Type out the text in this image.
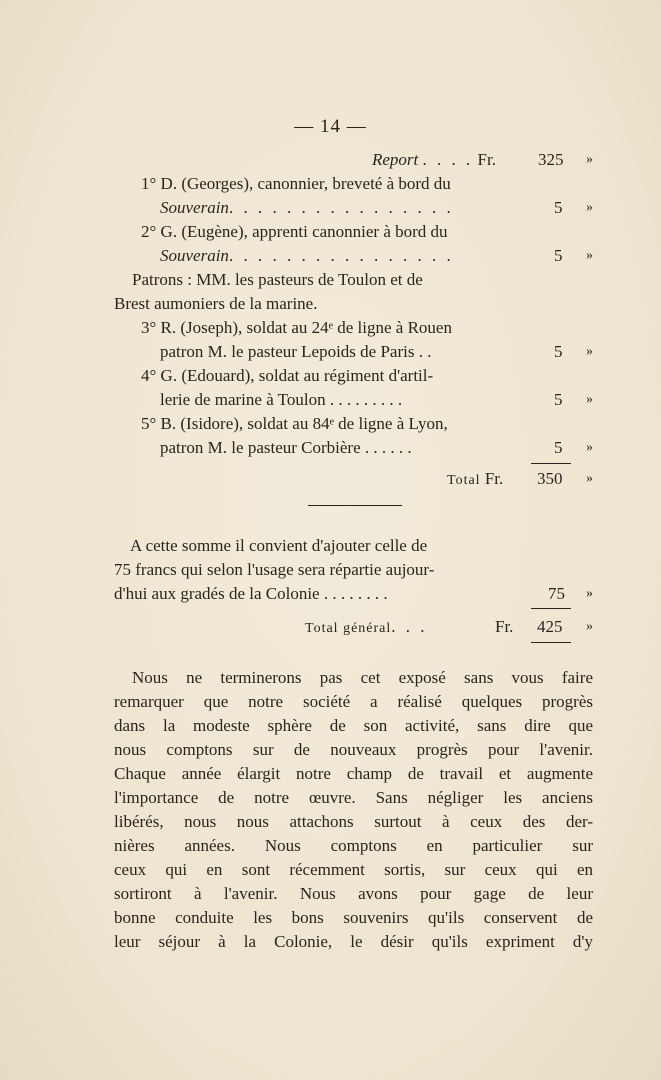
— 14 —
Report . . . . Fr. 325 »
1° D. (Georges), canonnier, breveté à bord du
Souverain. . . . . . . . . . . . . . . .	5 »
2° G. (Eugène), apprenti canonnier à bord du
Souverain. . . . . . . . . . . . . . . .	5 »
Patrons : MM. les pasteurs de Toulon et de
Brest aumoniers de la marine.
3° R. (Joseph), soldat au 24ᵉ de ligne à Rouen
patron M. le pasteur Lepoids de Paris . .	5 »
4° G. (Edouard), soldat au régiment d'artil-
lerie de marine à Toulon . . . . . . . . .	5 »
5° B. (Isidore), soldat au 84ᵉ de ligne à Lyon,
patron M. le pasteur Corbière . . . . . .	5 »
Total Fr. 350 »
A cette somme il convient d'ajouter celle de
75 francs qui selon l'usage sera répartie aujour-
d'hui aux gradés de la Colonie . . . . . . . .	75 »
Total général. . .	Fr. 425 »
Nous ne terminerons pas cet exposé sans vous faire
remarquer que notre société a réalisé quelques progrès
dans la modeste sphère de son activité, sans dire que
nous comptons sur de nouveaux progrès pour l'avenir.
Chaque année élargit notre champ de travail et augmente
l'importance de notre œuvre. Sans négliger les anciens
libérés, nous nous attachons surtout à ceux des der-
nières années. Nous comptons en particulier sur
ceux qui en sont récemment sortis, sur ceux qui en
sortiront à l'avenir. Nous avons pour gage de leur
bonne conduite les bons souvenirs qu'ils conservent de
leur séjour à la Colonie, le désir qu'ils expriment d'y
